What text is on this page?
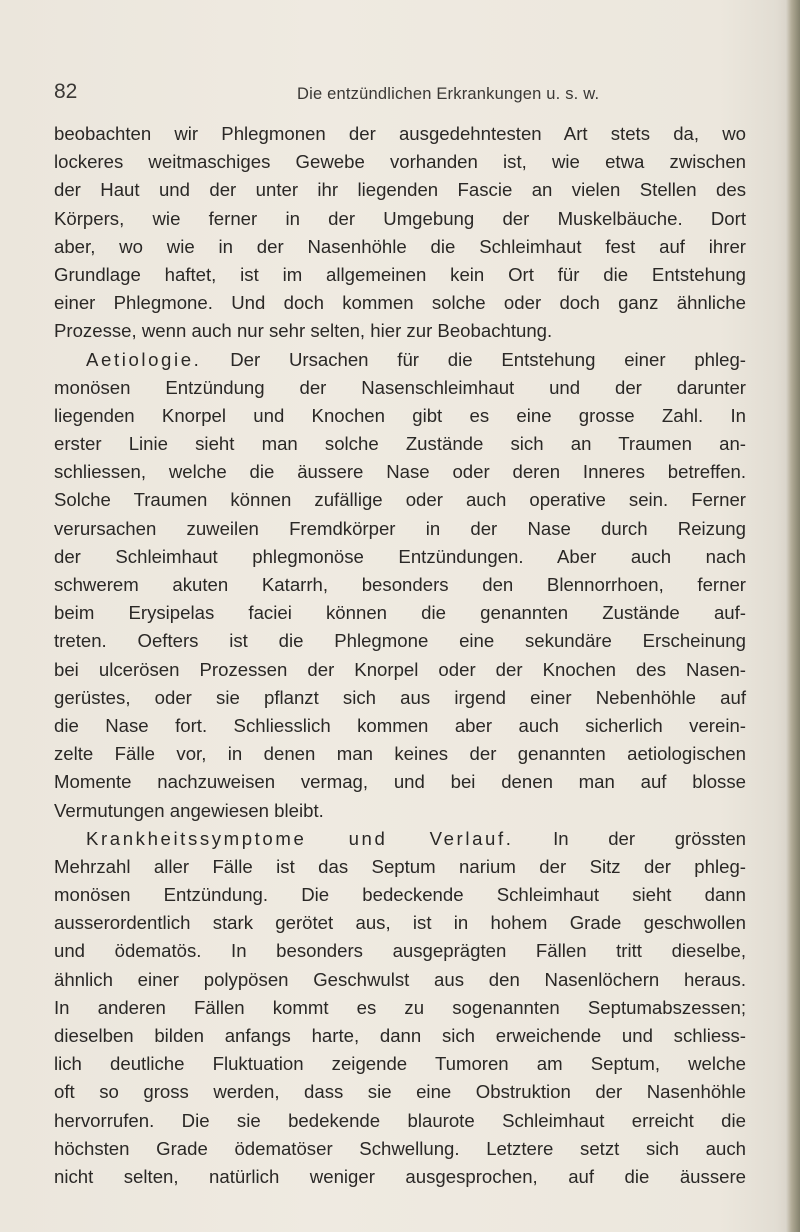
82	Die entzündlichen Erkrankungen u. s. w.
beobachten wir Phlegmonen der ausgedehntesten Art stets da, wo
lockeres weitmaschiges Gewebe vorhanden ist, wie etwa zwischen
der Haut und der unter ihr liegenden Fascie an vielen Stellen des
Körpers, wie ferner in der Umgebung der Muskelbäuche. Dort
aber, wo wie in der Nasenhöhle die Schleimhaut fest auf ihrer
Grundlage haftet, ist im allgemeinen kein Ort für die Entstehung
einer Phlegmone. Und doch kommen solche oder doch ganz ähnliche
Prozesse, wenn auch nur sehr selten, hier zur Beobachtung.
Aetiologie. Der Ursachen für die Entstehung einer phleg-
monösen Entzündung der Nasenschleimhaut und der darunter
liegenden Knorpel und Knochen gibt es eine grosse Zahl. In
erster Linie sieht man solche Zustände sich an Traumen an-
schliessen, welche die äussere Nase oder deren Inneres betreffen.
Solche Traumen können zufällige oder auch operative sein. Ferner
verursachen zuweilen Fremdkörper in der Nase durch Reizung
der Schleimhaut phlegmonöse Entzündungen. Aber auch nach
schwerem akuten Katarrh, besonders den Blennorrhoen, ferner
beim Erysipelas faciei können die genannten Zustände auf-
treten. Oefters ist die Phlegmone eine sekundäre Erscheinung
bei ulcerösen Prozessen der Knorpel oder der Knochen des Nasen-
gerüstes, oder sie pflanzt sich aus irgend einer Nebenhöhle auf
die Nase fort. Schliesslich kommen aber auch sicherlich verein-
zelte Fälle vor, in denen man keines der genannten aetiologischen
Momente nachzuweisen vermag, und bei denen man auf blosse
Vermutungen angewiesen bleibt.
Krankheitssymptome und Verlauf. In der grössten
Mehrzahl aller Fälle ist das Septum narium der Sitz der phleg-
monösen Entzündung. Die bedeckende Schleimhaut sieht dann
ausserordentlich stark gerötet aus, ist in hohem Grade geschwollen
und ödematös. In besonders ausgeprägten Fällen tritt dieselbe,
ähnlich einer polypösen Geschwulst aus den Nasenlöchern heraus.
In anderen Fällen kommt es zu sogenannten Septumabszessen;
dieselben bilden anfangs harte, dann sich erweichende und schliess-
lich deutliche Fluktuation zeigende Tumoren am Septum, welche
oft so gross werden, dass sie eine Obstruktion der Nasenhöhle
hervorrufen. Die sie bedekende blaurote Schleimhaut erreicht die
höchsten Grade ödematöser Schwellung. Letztere setzt sich auch
nicht selten, natürlich weniger ausgesprochen, auf die äussere
